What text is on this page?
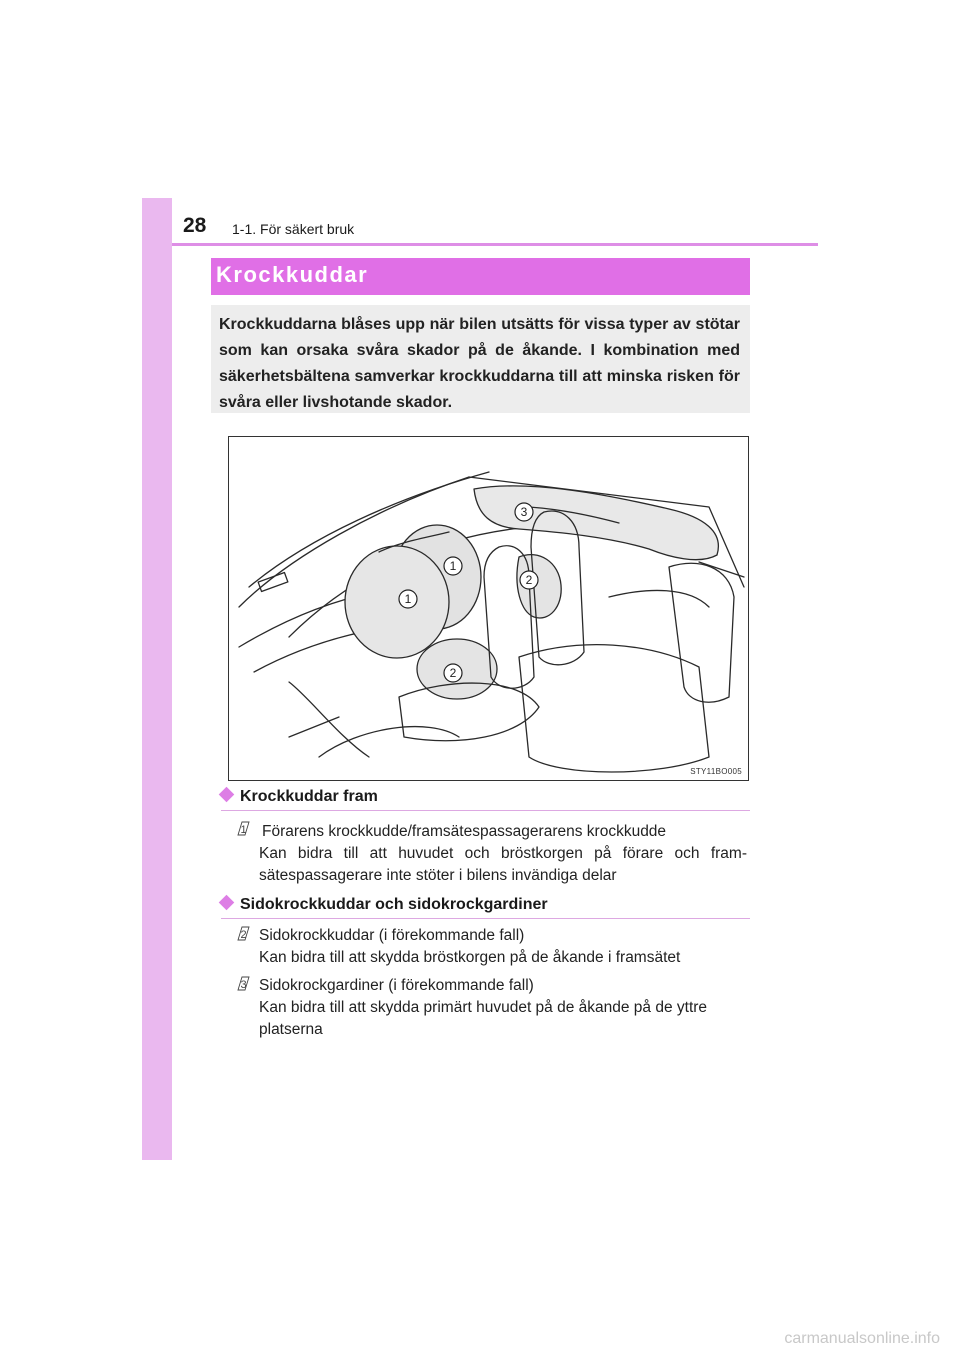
28 1-1. För säkert bruk
Krockkuddar

Krockkuddarna blåses upp när bilen utsätts för vissa typer av stötar som kan orsaka svåra skador på de åkande. I kombination med säkerhetsbältena samverkar krockkuddarna till att minska risken för svåra eller livshotande skador.

3
1
1
2
2
STY11BO005
Krockkuddar fram
1 Förarens krockkudde/framsätespassagerarens krockkudde

Kan bidra till att huvudet och bröstkorgen på förare och framsätespassagerare inte stöter i bilens invändiga delar
Sidokrockkuddar och sidokrockgardiner
2 Sidokrockkuddar (i förekommande fall)

Kan bidra till att skydda bröstkorgen på de åkande i framsätet

3 Sidokrockgardiner (i förekommande fall)

Kan bidra till att skydda primärt huvudet på de åkande på de yttre platserna

carmanualsonline.info
